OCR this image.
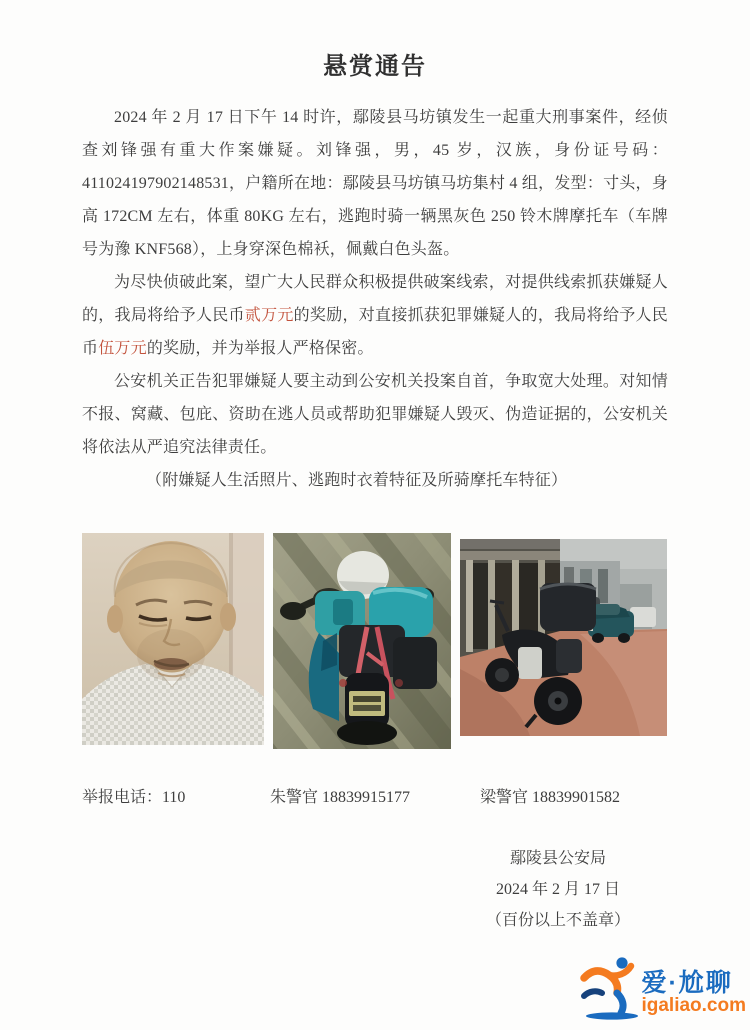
悬赏通告

2024 年 2 月 17 日下午 14 时许，鄢陵县马坊镇发生一起重大刑事案件，经侦查刘锋强有重大作案嫌疑。刘锋强，男，45 岁，汉族，身份证号码：411024197902148531，户籍所在地：鄢陵县马坊镇马坊集村 4 组，发型：寸头，身高 172CM 左右，体重 80KG 左右，逃跑时骑一辆黑灰色 250 铃木牌摩托车（车牌号为豫 KNF568），上身穿深色棉袄，佩戴白色头盔。

为尽快侦破此案，望广大人民群众积极提供破案线索，对提供线索抓获嫌疑人的，我局将给予人民币贰万元的奖励，对直接抓获犯罪嫌疑人的，我局将给予人民币伍万元的奖励，并为举报人严格保密。

公安机关正告犯罪嫌疑人要主动到公安机关投案自首，争取宽大处理。对知情不报、窝藏、包庇、资助在逃人员或帮助犯罪嫌疑人毁灭、伪造证据的，公安机关将依法从严追究法律责任。

（附嫌疑人生活照片、逃跑时衣着特征及所骑摩托车特征）

举报电话：110	朱警官 18839915177	梁警官 18839901582
鄢陵县公安局
2024 年 2 月 17 日
（百份以上不盖章）
爱·尬聊
igaliao.com
